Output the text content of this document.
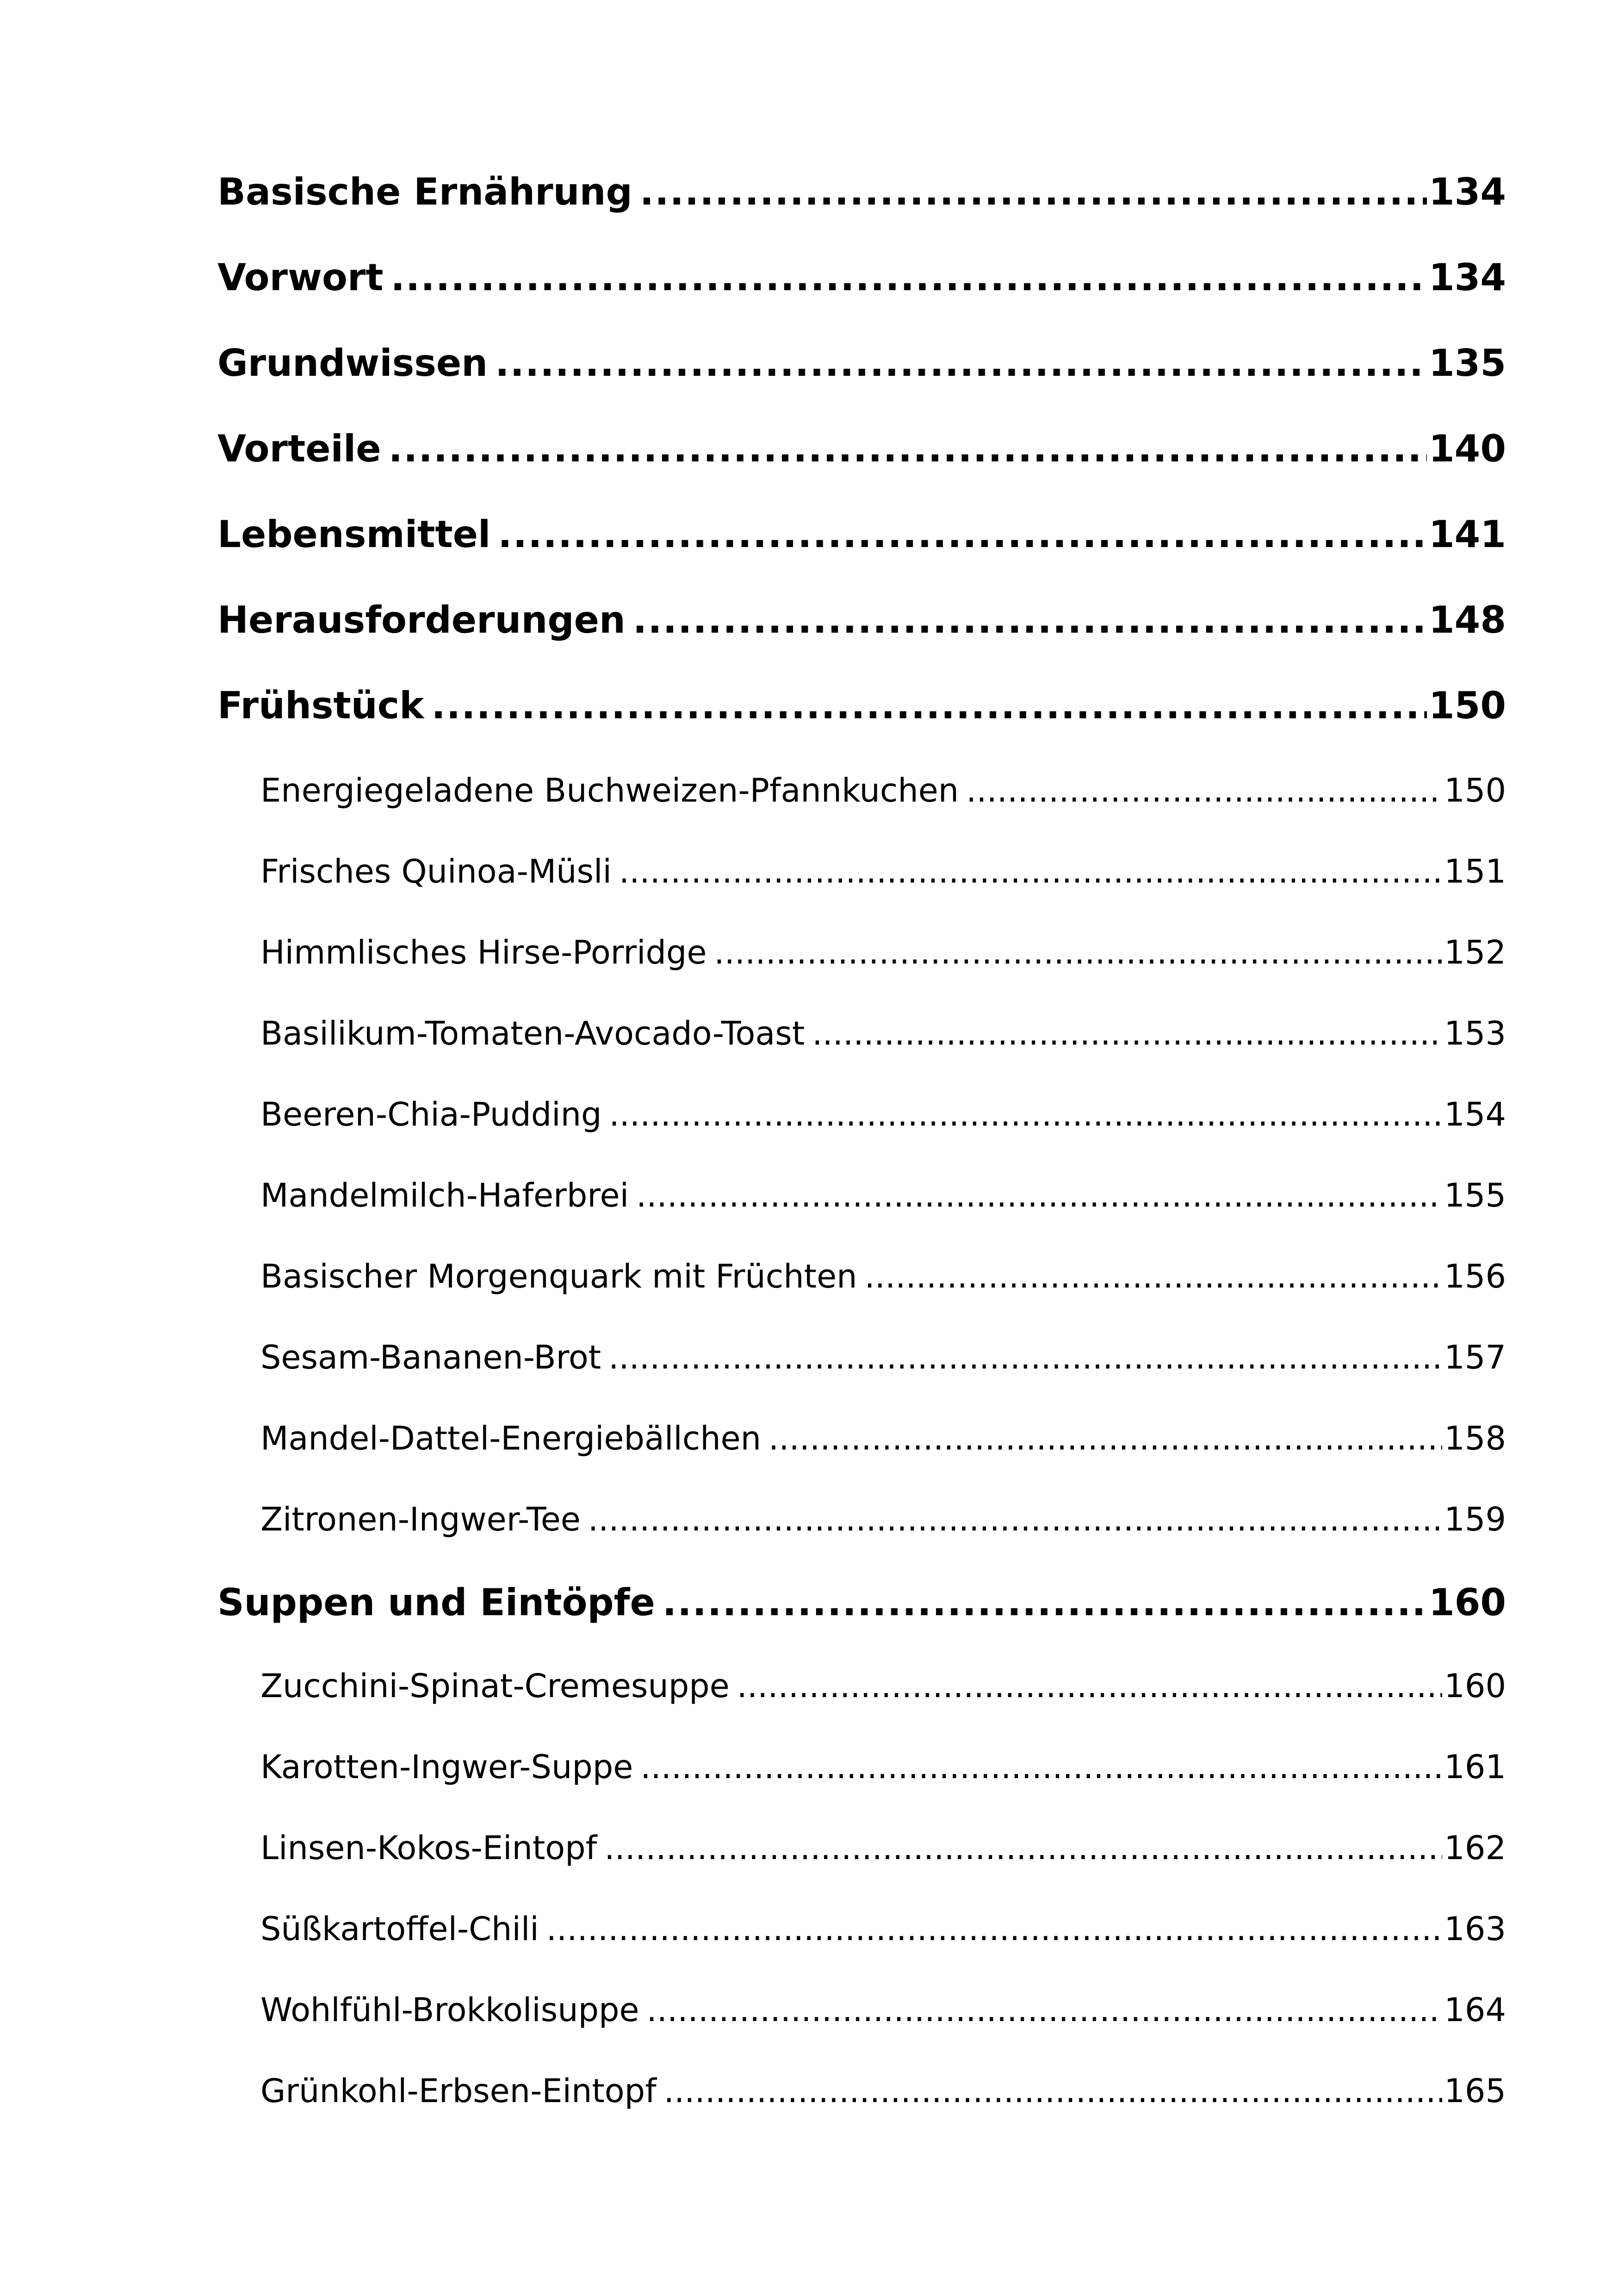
Basische Ernährung .....	134
Vorwort .....	134
Grundwissen .....	135
Vorteile .....	140
Lebensmittel .....	141
Herausforderungen .....	148
Frühstück .....	150
Energiegeladene Buchweizen-Pfannkuchen .....	150
Frisches Quinoa-Müsli .....	151
Himmlisches Hirse-Porridge .....	152
Basilikum-Tomaten-Avocado-Toast .....	153
Beeren-Chia-Pudding .....	154
Mandelmilch-Haferbrei .....	155
Basischer Morgenquark mit Früchten .....	156
Sesam-Bananen-Brot .....	157
Mandel-Dattel-Energiebällchen .....	158
Zitronen-Ingwer-Tee .....	159
Suppen und Eintöpfe .....	160
Zucchini-Spinat-Cremesuppe .....	160
Karotten-Ingwer-Suppe .....	161
Linsen-Kokos-Eintopf .....	162
Süßkartoffel-Chili .....	163
Wohlfühl-Brokkolisuppe .....	164
Grünkohl-Erbsen-Eintopf .....	165
